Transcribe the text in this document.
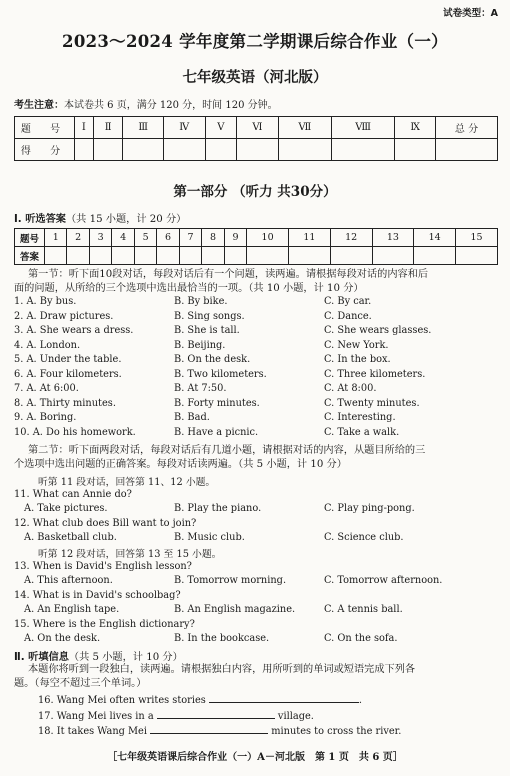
试卷类型：A
2023～2024 学年度第二学期课后综合作业（一）
七年级英语（河北版）
考生注意：本试卷共 6 页，满分 120 分，时间 120 分钟。
题 号	Ⅰ	Ⅱ	Ⅲ	Ⅳ	Ⅴ	Ⅵ	Ⅶ	Ⅷ	Ⅸ	总 分
得 分										
第一部分 （听力 共30分）
Ⅰ. 听选答案（共 15 小题，计 20 分）
题号	1	2	3	4	5	6	7	8	9	10	11	12	13	14	15
答案															
第一节：听下面10段对话，每段对话后有一个问题，读两遍。请根据每段对话的内容和后
面的问题，从所给的三个选项中选出最恰当的一项。（共 10 小题，计 10 分）
1. A. By bus.	B. By bike.	C. By car.
2. A. Draw pictures.	B. Sing songs.	C. Dance.
3. A. She wears a dress.	B. She is tall.	C. She wears glasses.
4. A. London.	B. Beijing.	C. New York.
5. A. Under the table.	B. On the desk.	C. In the box.
6. A. Four kilometers.	B. Two kilometers.	C. Three kilometers.
7. A. At 6:00.	B. At 7:50.	C. At 8:00.
8. A. Thirty minutes.	B. Forty minutes.	C. Twenty minutes.
9. A. Boring.	B. Bad.	C. Interesting.
10. A. Do his homework.	B. Have a picnic.	C. Take a walk.
第二节：听下面两段对话，每段对话后有几道小题，请根据对话的内容，从题目所给的三
个选项中选出问题的正确答案。每段对话读两遍。（共 5 小题，计 10 分）
听第 11 段对话，回答第 11、12 小题。
11. What can Annie do?
A. Take pictures.	B. Play the piano.	C. Play ping-pong.
12. What club does Bill want to join?
A. Basketball club.	B. Music club.	C. Science club.
听第 12 段对话，回答第 13 至 15 小题。
13. When is David's English lesson?
A. This afternoon.	B. Tomorrow morning.	C. Tomorrow afternoon.
14. What is in David's schoolbag?
A. An English tape.	B. An English magazine.	C. A tennis ball.
15. Where is the English dictionary?
A. On the desk.	B. In the bookcase.	C. On the sofa.
Ⅱ. 听填信息（共 5 小题，计 10 分）
本题你将听到一段独白，读两遍。请根据独白内容，用所听到的单词或短语完成下列各
题。（每空不超过三个单词。）
16. Wang Mei often writes stories	.
17. Wang Mei lives in a	village.
18. It takes Wang Mei	minutes to cross the river.
［七年级英语课后综合作业（一）A－河北版　第 1 页　共 6 页］
